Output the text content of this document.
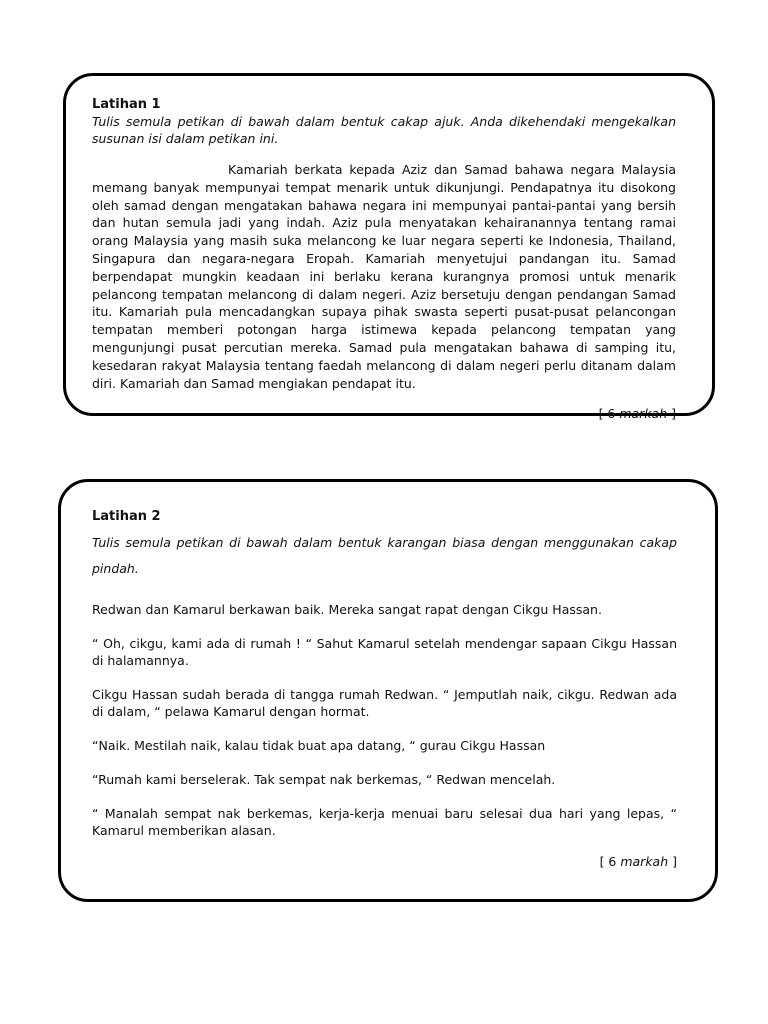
Latihan 1

Tulis semula petikan di bawah dalam bentuk cakap ajuk. Anda dikehendaki mengekalkan susunan isi dalam petikan ini.

Kamariah berkata kepada Aziz dan Samad bahawa negara Malaysia memang banyak mempunyai tempat menarik untuk dikunjungi. Pendapatnya itu disokong oleh samad dengan mengatakan bahawa negara ini mempunyai pantai-pantai yang bersih dan hutan semula jadi yang indah. Aziz pula menyatakan kehairanannya tentang ramai orang Malaysia yang masih suka melancong ke luar negara seperti ke Indonesia, Thailand, Singapura dan negara-negara Eropah. Kamariah menyetujui pandangan itu. Samad berpendapat mungkin keadaan ini berlaku kerana kurangnya promosi untuk menarik pelancong tempatan melancong di dalam negeri. Aziz bersetuju dengan pendangan Samad itu. Kamariah pula mencadangkan supaya pihak swasta seperti pusat-pusat pelancongan tempatan memberi potongan harga istimewa kepada pelancong tempatan yang mengunjungi pusat percutian mereka. Samad pula mengatakan bahawa di samping itu, kesedaran rakyat Malaysia tentang faedah melancong di dalam negeri perlu ditanam dalam diri. Kamariah dan Samad mengiakan pendapat itu.

[ 6 markah ]

Latihan 2

Tulis semula petikan di bawah dalam bentuk karangan biasa dengan menggunakan cakap pindah.

Redwan dan Kamarul berkawan baik. Mereka sangat rapat dengan Cikgu Hassan.

“ Oh, cikgu, kami ada di rumah ! “ Sahut Kamarul setelah mendengar sapaan Cikgu Hassan di halamannya.

Cikgu Hassan sudah berada di tangga rumah Redwan. “ Jemputlah naik, cikgu. Redwan ada di dalam, “ pelawa Kamarul dengan hormat.

“Naik. Mestilah naik, kalau tidak buat apa datang, “ gurau Cikgu Hassan

“Rumah kami berselerak. Tak sempat nak berkemas, “ Redwan mencelah.

“ Manalah sempat nak berkemas, kerja-kerja menuai baru selesai dua hari yang lepas, “ Kamarul memberikan alasan.

[ 6 markah ]
